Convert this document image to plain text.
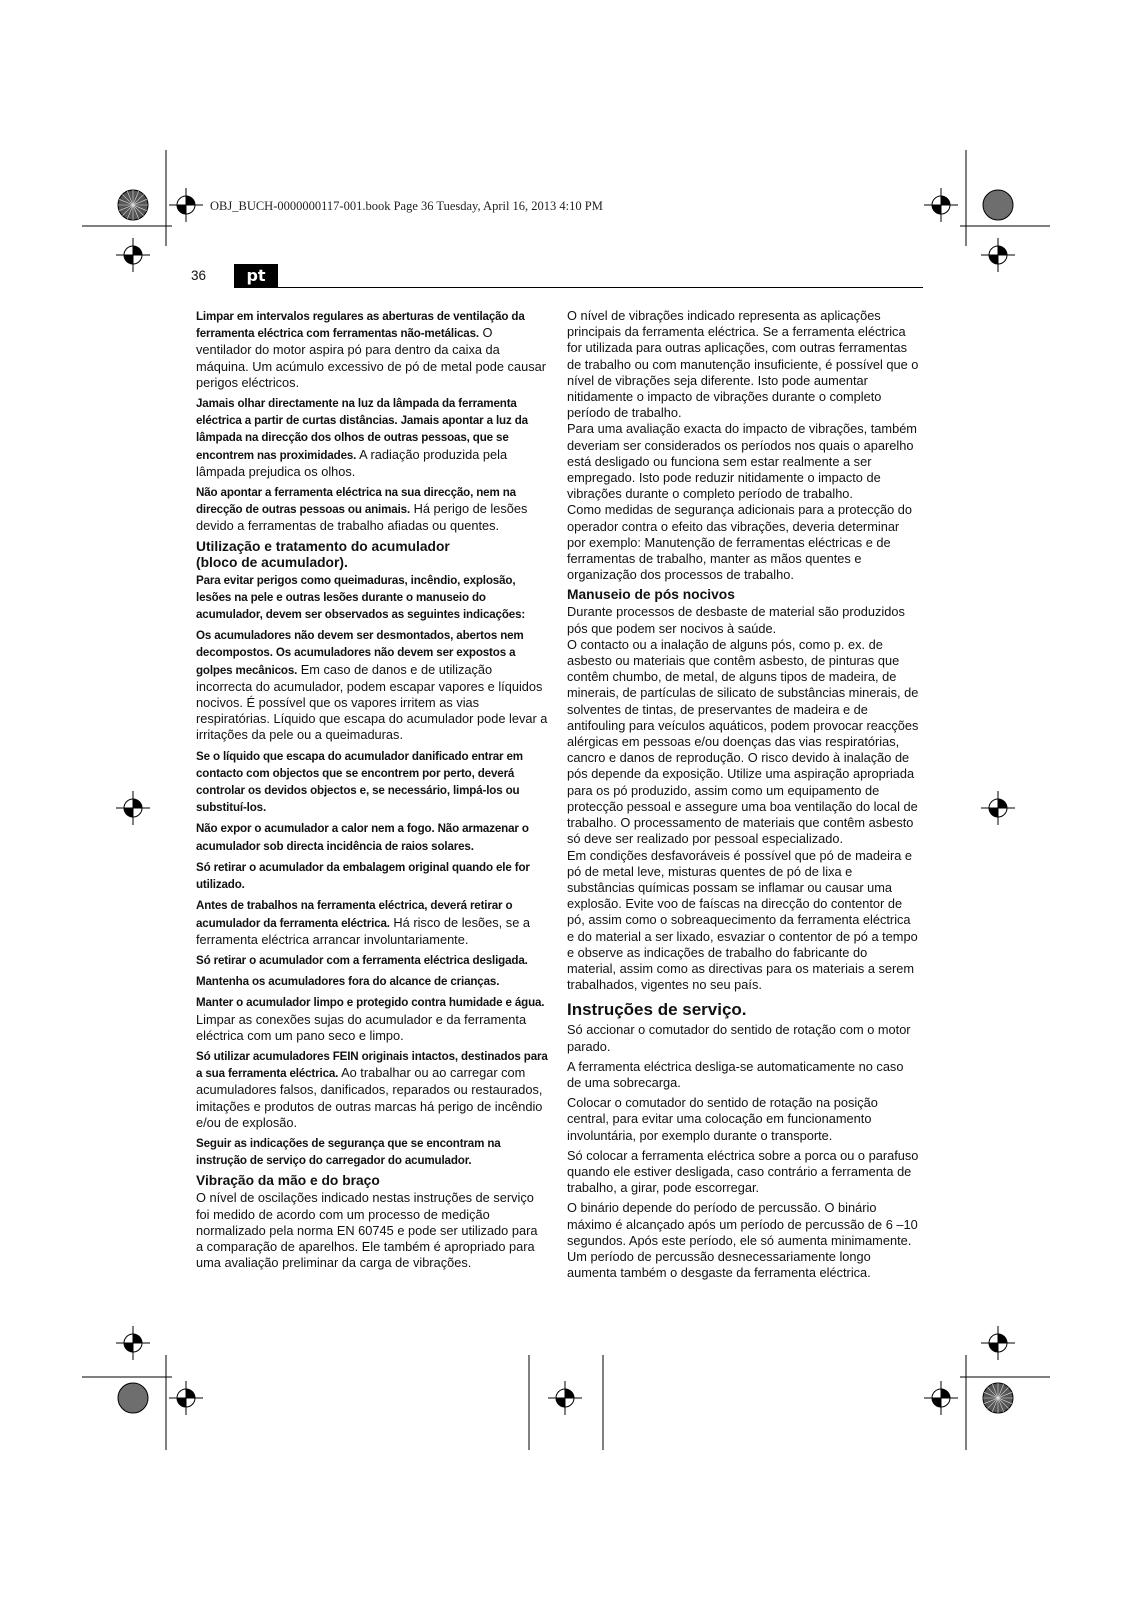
OBJ_BUCH-0000000117-001.book Page 36 Tuesday, April 16, 2013 4:10 PM
36	pt

Limpar em intervalos regulares as aberturas de ventilação da ferramenta eléctrica com ferramentas não-metálicas. O ventilador do motor aspira pó para dentro da caixa da máquina. Um acúmulo excessivo de pó de metal pode causar perigos eléctricos.

Jamais olhar directamente na luz da lâmpada da ferramenta eléctrica a partir de curtas distâncias. Jamais apontar a luz da lâmpada na direcção dos olhos de outras pessoas, que se encontrem nas proximidades. A radiação produzida pela lâmpada prejudica os olhos.

Não apontar a ferramenta eléctrica na sua direcção, nem na direcção de outras pessoas ou animais. Há perigo de lesões devido a ferramentas de trabalho afiadas ou quentes.

Utilização e tratamento do acumulador
(bloco de acumulador).

Para evitar perigos como queimaduras, incêndio, explosão, lesões na pele e outras lesões durante o manuseio do acumulador, devem ser observados as seguintes indicações:

Os acumuladores não devem ser desmontados, abertos nem decompostos. Os acumuladores não devem ser expostos a golpes mecânicos. Em caso de danos e de utilização incorrecta do acumulador, podem escapar vapores e líquidos nocivos. É possível que os vapores irritem as vias respiratórias. Líquido que escapa do acumulador pode levar a irritações da pele ou a queimaduras.

Se o líquido que escapa do acumulador danificado entrar em contacto com objectos que se encontrem por perto, deverá controlar os devidos objectos e, se necessário, limpá-los ou substituí-los.

Não expor o acumulador a calor nem a fogo. Não armazenar o acumulador sob directa incidência de raios solares.

Só retirar o acumulador da embalagem original quando ele for utilizado.

Antes de trabalhos na ferramenta eléctrica, deverá retirar o acumulador da ferramenta eléctrica. Há risco de lesões, se a ferramenta eléctrica arrancar involuntariamente.

Só retirar o acumulador com a ferramenta eléctrica desligada.

Mantenha os acumuladores fora do alcance de crianças.

Manter o acumulador limpo e protegido contra humidade e água. Limpar as conexões sujas do acumulador e da ferramenta eléctrica com um pano seco e limpo.

Só utilizar acumuladores FEIN originais intactos, destinados para a sua ferramenta eléctrica. Ao trabalhar ou ao carregar com acumuladores falsos, danificados, reparados ou restaurados, imitações e produtos de outras marcas há perigo de incêndio e/ou de explosão.

Seguir as indicações de segurança que se encontram na instrução de serviço do carregador do acumulador.

Vibração da mão e do braço

O nível de oscilações indicado nestas instruções de serviço foi medido de acordo com um processo de medição normalizado pela norma EN 60745 e pode ser utilizado para a comparação de aparelhos. Ele também é apropriado para uma avaliação preliminar da carga de vibrações.

O nível de vibrações indicado representa as aplicações principais da ferramenta eléctrica. Se a ferramenta eléctrica for utilizada para outras aplicações, com outras ferramentas de trabalho ou com manutenção insuficiente, é possível que o nível de vibrações seja diferente. Isto pode aumentar nitidamente o impacto de vibrações durante o completo período de trabalho.

Para uma avaliação exacta do impacto de vibrações, também deveriam ser considerados os períodos nos quais o aparelho está desligado ou funciona sem estar realmente a ser empregado. Isto pode reduzir nitidamente o impacto de vibrações durante o completo período de trabalho.

Como medidas de segurança adicionais para a protecção do operador contra o efeito das vibrações, deveria determinar por exemplo: Manutenção de ferramentas eléctricas e de ferramentas de trabalho, manter as mãos quentes e organização dos processos de trabalho.

Manuseio de pós nocivos

Durante processos de desbaste de material são produzidos pós que podem ser nocivos à saúde.

O contacto ou a inalação de alguns pós, como p. ex. de asbesto ou materiais que contêm asbesto, de pinturas que contêm chumbo, de metal, de alguns tipos de madeira, de minerais, de partículas de silicato de substâncias minerais, de solventes de tintas, de preservantes de madeira e de antifouling para veículos aquáticos, podem provocar reacções alérgicas em pessoas e/ou doenças das vias respiratórias, cancro e danos de reprodução. O risco devido à inalação de pós depende da exposição. Utilize uma aspiração apropriada para os pó produzido, assim como um equipamento de protecção pessoal e assegure uma boa ventilação do local de trabalho. O processamento de materiais que contêm asbesto só deve ser realizado por pessoal especializado.

Em condições desfavoráveis é possível que pó de madeira e pó de metal leve, misturas quentes de pó de lixa e substâncias químicas possam se inflamar ou causar uma explosão. Evite voo de faíscas na direcção do contentor de pó, assim como o sobreaquecimento da ferramenta eléctrica e do material a ser lixado, esvaziar o contentor de pó a tempo e observe as indicações de trabalho do fabricante do material, assim como as directivas para os materiais a serem trabalhados, vigentes no seu país.

Instruções de serviço.

Só accionar o comutador do sentido de rotação com o motor parado.

A ferramenta eléctrica desliga-se automaticamente no caso de uma sobrecarga.

Colocar o comutador do sentido de rotação na posição central, para evitar uma colocação em funcionamento involuntária, por exemplo durante o transporte.

Só colocar a ferramenta eléctrica sobre a porca ou o parafuso quando ele estiver desligada, caso contrário a ferramenta de trabalho, a girar, pode escorregar.

O binário depende do período de percussão. O binário máximo é alcançado após um período de percussão de 6 –10 segundos. Após este período, ele só aumenta minimamente. Um período de percussão desnecessariamente longo aumenta também o desgaste da ferramenta eléctrica.
